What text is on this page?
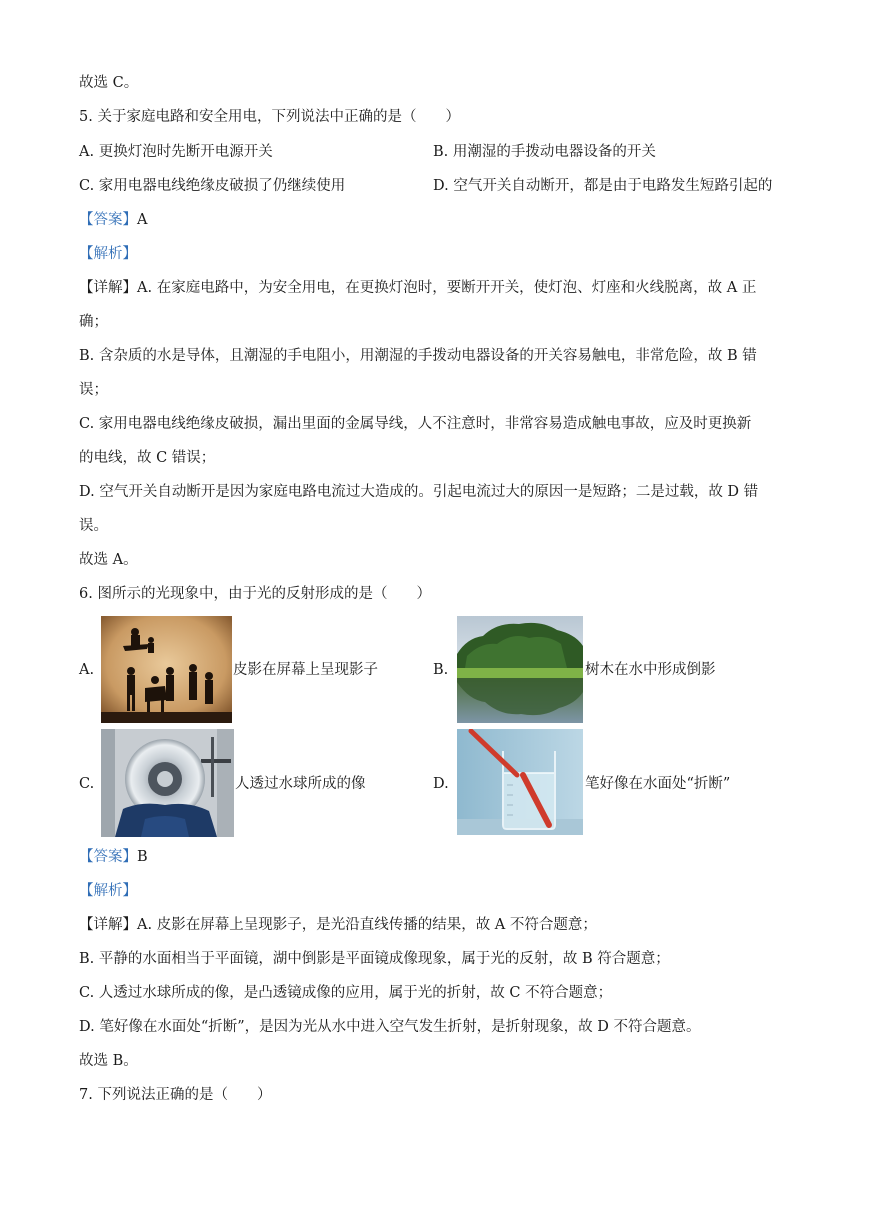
故选 C。
5. 关于家庭电路和安全用电，下列说法中正确的是（　　）
A. 更换灯泡时先断开电源开关	B. 用潮湿的手拨动电器设备的开关
C. 家用电器电线绝缘皮破损了仍继续使用	D. 空气开关自动断开，都是由于电路发生短路引起的
【答案】A
【解析】
【详解】A. 在家庭电路中，为安全用电，在更换灯泡时，要断开开关，使灯泡、灯座和火线脱离，故 A 正
确；
B. 含杂质的水是导体，且潮湿的手电阻小，用潮湿的手拨动电器设备的开关容易触电，非常危险，故 B 错
误；
C. 家用电器电线绝缘皮破损，漏出里面的金属导线，人不注意时，非常容易造成触电事故，应及时更换新
的电线，故 C 错误；
D. 空气开关自动断开是因为家庭电路电流过大造成的。引起电流过大的原因一是短路；二是过载，故 D 错
误。
故选 A。
6. 图所示的光现象中，由于光的反射形成的是（　　）
A.	皮影在屏幕上呈现影子	B.	树木在水中形成倒影
C.	人透过水球所成的像	D.	笔好像在水面处“折断”
【答案】B
【解析】
【详解】A. 皮影在屏幕上呈现影子，是光沿直线传播的结果，故 A 不符合题意；
B. 平静的水面相当于平面镜，湖中倒影是平面镜成像现象，属于光的反射，故 B 符合题意；
C. 人透过水球所成的像，是凸透镜成像的应用，属于光的折射，故 C 不符合题意；
D. 笔好像在水面处“折断”，是因为光从水中进入空气发生折射，是折射现象，故 D 不符合题意。
故选 B。
7. 下列说法正确的是（　　）
